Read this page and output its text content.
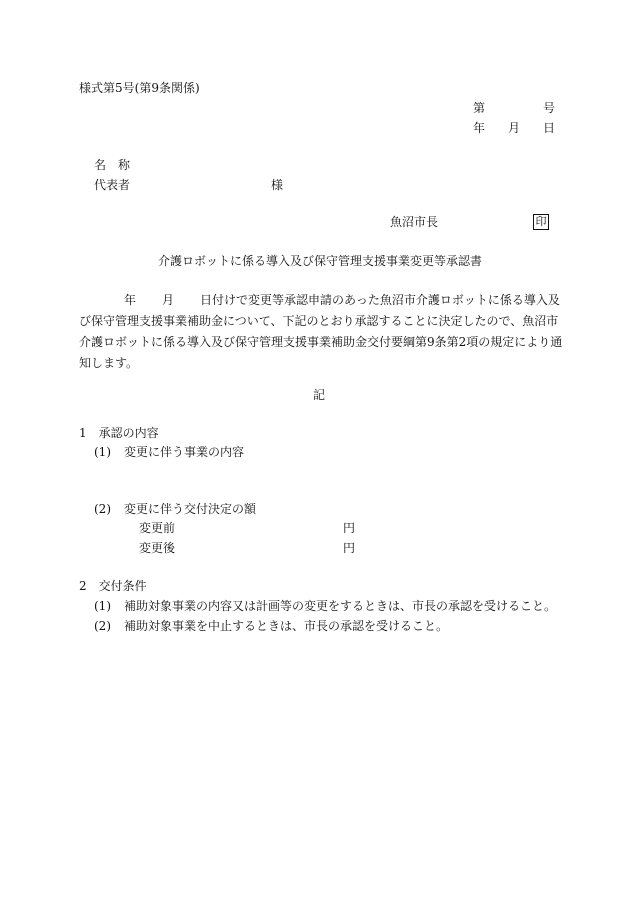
様式第5号(第9条関係)
第	号
年 月 日
名　称
代表者	様
魚沼市長	印
介護ロボットに係る導入及び保守管理支援事業変更等承認書
年 月 日付けで変更等承認申請のあった魚沼市介護ロボットに係る導入及
び保守管理支援事業補助金について、下記のとおり承認することに決定したので、魚沼市
介護ロボットに係る導入及び保守管理支援事業補助金交付要綱第9条第2項の規定により通
知します。
記
1　承認の内容
(1) 変更に伴う事業の内容
(2) 変更に伴う交付決定の額
変更前	円
変更後	円
2　交付条件
(1) 補助対象事業の内容又は計画等の変更をするときは、市長の承認を受けること。
(2) 補助対象事業を中止するときは、市長の承認を受けること。
